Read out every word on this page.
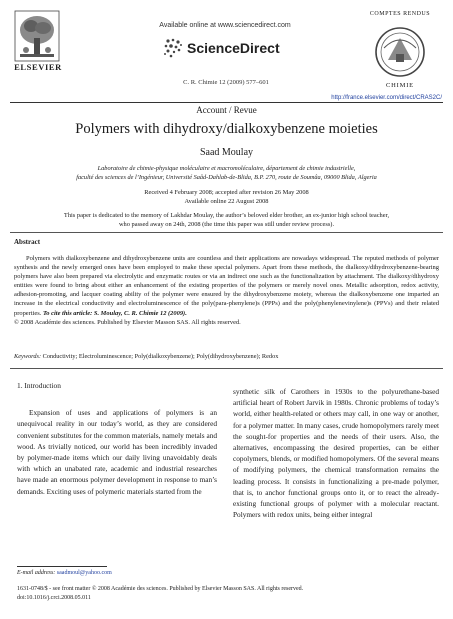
ELSEVIER
Available online at www.sciencedirect.com
ScienceDirect
C. R. Chimie 12 (2009) 577–601
COMPTES RENDUS
CHIMIE
http://france.elsevier.com/direct/CRAS2C/
Account / Revue
Polymers with dihydroxy/dialkoxybenzene moieties
Saad Moulay
Laboratoire de chimie-physique moléculaire et macromoléculaire, département de chimie industrielle,
faculté des sciences de l’Ingénieur, Université Saâd-Dahlab-de-Blida, B.P. 270, route de Soumâa, 09000 Blida, Algeria
Received 4 February 2008; accepted after revision 26 May 2008
Available online 22 August 2008
This paper is dedicated to the memory of Lakhdar Moulay, the author’s beloved elder brother, an ex-junior high school teacher,
who passed away on 24th, 2008 (the time this paper was still under review process).
Abstract

Polymers with dialkoxybenzene and dihydroxybenzene units are countless and their applications are nowadays widespread. The reputed methods of polymer synthesis and the newly emerged ones have been employed to make these special polymers. Apart from these methods, the dialkoxy/dihydroxybenzene-bearing polymers have also been prepared via electrolytic and enzymatic routes or via an indirect one such as the functionalization by attachment. The dialkoxy/dihydroxy entities were found to bring about either an enhancement of the existing properties of the polymers or merely novel ones. Metallic adsorption, redox activity, adhesion-promoting, and lacquer coating ability of the polymer were ensured by the dihydroxybenzene moiety, whereas the dialkoxybenzene one imparted an increase in the electrical conductivity and electroluminescence of the poly(para-phenylene)s (PPPs) and the poly(phenylenevinylene)s (PPVs) and their related properties. To cite this article: S. Moulay, C. R. Chimie 12 (2009).

© 2008 Académie des sciences. Published by Elsevier Masson SAS. All rights reserved.

Keywords: Conductivity; Electroluminescence; Poly(dialkoxybenzene); Poly(dihydroxybenzene); Redox
1. Introduction

Expansion of uses and applications of polymers is an unequivocal reality in our today’s world, as they are considered convenient substitutes for the common materials, namely metals and wood. As trivially noticed, our world has been incredibly invaded by polymer-made items which our daily living unavoidably deals with which an unabated rate, academic and industrial researches have made an enormous polymer development in response to man’s demands. Exciting uses of polymeric materials started from the

synthetic silk of Carothers in 1930s to the polyurethane-based artificial heart of Robert Jarvik in 1980s. Chronic problems of today’s world, either health-related or others may call, in one way or another, for a polymer matter. In many cases, crude homopolymers rarely meet the sought-for properties and the needs of their users. Also, the alternatives, encompassing the desired properties, can be either copolymers, blends, or modified homopolymers. Of the several means of modifying polymers, the chemical transformation remains the leading process. It consists in functionalizing a pre-made polymer, that is, to anchor functional groups onto it, or to react the already-existing functional groups of polymer with a molecular reactant. Polymers with redox units, being either integral

E-mail address: saadmoul@yahoo.com
1631-0748/$ - see front matter © 2008 Académie des sciences. Published by Elsevier Masson SAS. All rights reserved.
doi:10.1016/j.crci.2008.05.011
